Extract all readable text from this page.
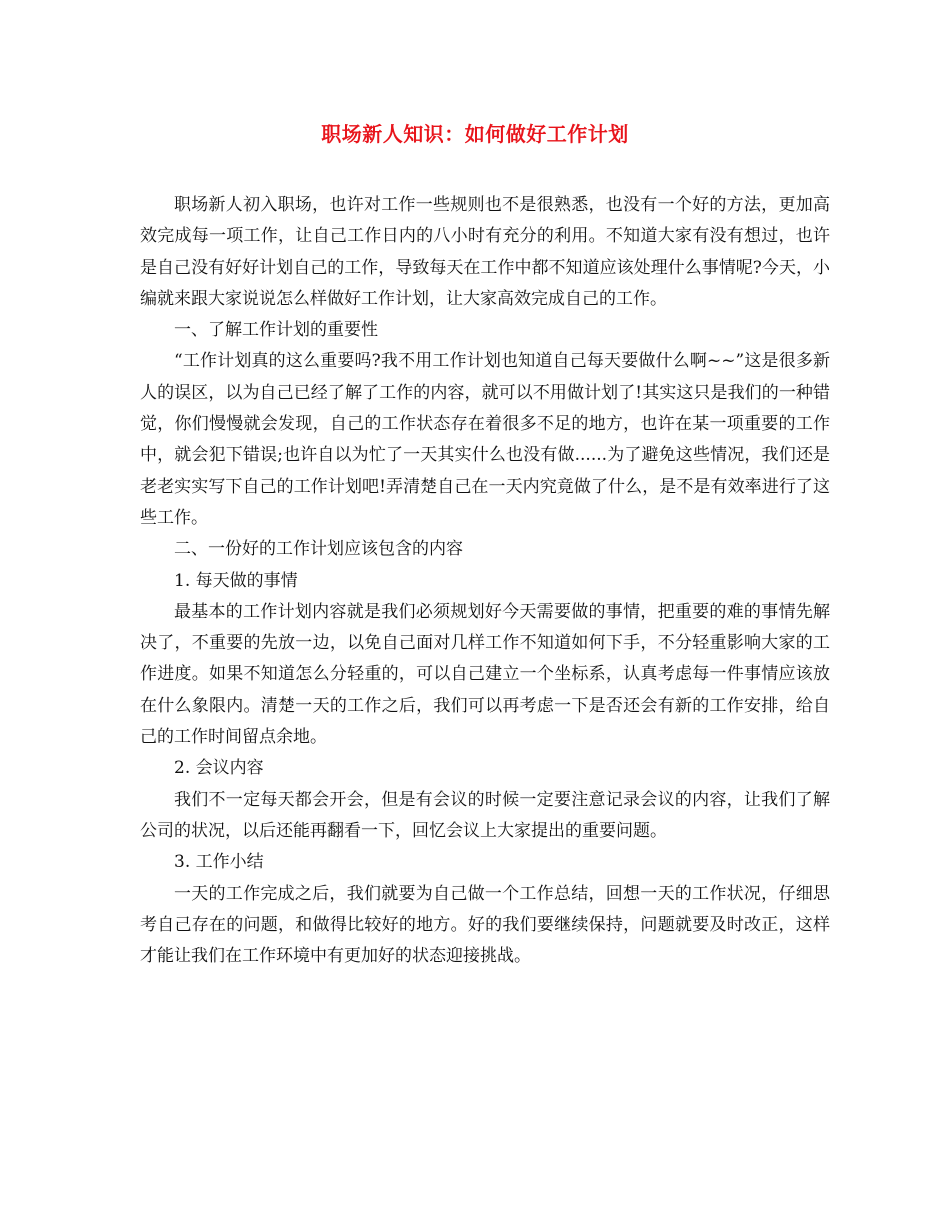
职场新人知识：如何做好工作计划

职场新人初入职场，也许对工作一些规则也不是很熟悉，也没有一个好的方法，更加高效完成每一项工作，让自己工作日内的八小时有充分的利用。不知道大家有没有想过，也许是自己没有好好计划自己的工作，导致每天在工作中都不知道应该处理什么事情呢?今天，小编就来跟大家说说怎么样做好工作计划，让大家高效完成自己的工作。

一、了解工作计划的重要性

“工作计划真的这么重要吗?我不用工作计划也知道自己每天要做什么啊~~”这是很多新人的误区，以为自己已经了解了工作的内容，就可以不用做计划了!其实这只是我们的一种错觉，你们慢慢就会发现，自己的工作状态存在着很多不足的地方，也许在某一项重要的工作中，就会犯下错误;也许自以为忙了一天其实什么也没有做......为了避免这些情况，我们还是老老实实写下自己的工作计划吧!弄清楚自己在一天内究竟做了什么，是不是有效率进行了这些工作。

二、一份好的工作计划应该包含的内容

1. 每天做的事情

最基本的工作计划内容就是我们必须规划好今天需要做的事情，把重要的难的事情先解决了，不重要的先放一边，以免自己面对几样工作不知道如何下手，不分轻重影响大家的工作进度。如果不知道怎么分轻重的，可以自己建立一个坐标系，认真考虑每一件事情应该放在什么象限内。清楚一天的工作之后，我们可以再考虑一下是否还会有新的工作安排，给自己的工作时间留点余地。

2. 会议内容

我们不一定每天都会开会，但是有会议的时候一定要注意记录会议的内容，让我们了解公司的状况，以后还能再翻看一下，回忆会议上大家提出的重要问题。

3. 工作小结

一天的工作完成之后，我们就要为自己做一个工作总结，回想一天的工作状况，仔细思考自己存在的问题，和做得比较好的地方。好的我们要继续保持，问题就要及时改正，这样才能让我们在工作环境中有更加好的状态迎接挑战。
